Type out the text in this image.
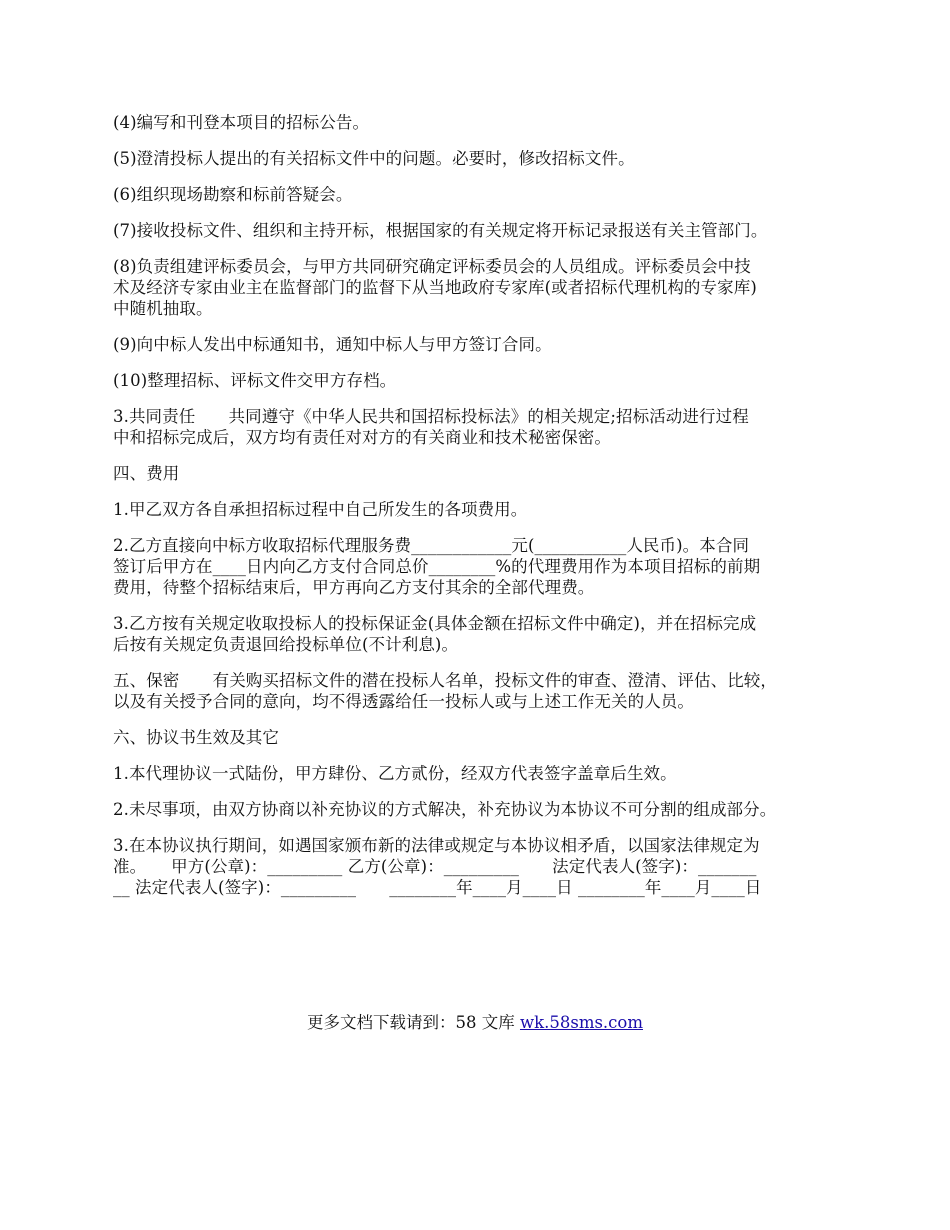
(4)编写和刊登本项目的招标公告。

(5)澄清投标人提出的有关招标文件中的问题。必要时，修改招标文件。

(6)组织现场勘察和标前答疑会。

(7)接收投标文件、组织和主持开标，根据国家的有关规定将开标记录报送有关主管部门。

(8)负责组建评标委员会，与甲方共同研究确定评标委员会的人员组成。评标委员会中技
术及经济专家由业主在监督部门的监督下从当地政府专家库(或者招标代理机构的专家库)
中随机抽取。

(9)向中标人发出中标通知书，通知中标人与甲方签订合同。

(10)整理招标、评标文件交甲方存档。

3.共同责任　　共同遵守《中华人民共和国招标投标法》的相关规定;招标活动进行过程
中和招标完成后，双方均有责任对对方的有关商业和技术秘密保密。

四、费用

1.甲乙双方各自承担招标过程中自己所发生的各项费用。

2.乙方直接向中标方收取招标代理服务费____________元(___________人民币)。本合同
签订后甲方在____日内向乙方支付合同总价________%的代理费用作为本项目招标的前期
费用，待整个招标结束后，甲方再向乙方支付其余的全部代理费。

3.乙方按有关规定收取投标人的投标保证金(具体金额在招标文件中确定)，并在招标完成
后按有关规定负责退回给投标单位(不计利息)。

五、保密　　有关购买招标文件的潜在投标人名单，投标文件的审查、澄清、评估、比较，
以及有关授予合同的意向，均不得透露给任一投标人或与上述工作无关的人员。

六、协议书生效及其它

1.本代理协议一式陆份，甲方肆份、乙方贰份，经双方代表签字盖章后生效。

2.未尽事项，由双方协商以补充协议的方式解决，补充协议为本协议不可分割的组成部分。

3.在本协议执行期间，如遇国家颁布新的法律或规定与本协议相矛盾，以国家法律规定为
准。　　甲方(公章)：_________ 乙方(公章)：_________　　法定代表人(签字)：_______
__ 法定代表人(签字)：_________　　________年____月____日 ________年____月____日

更多文档下载请到：58 文库 wk.58sms.com
